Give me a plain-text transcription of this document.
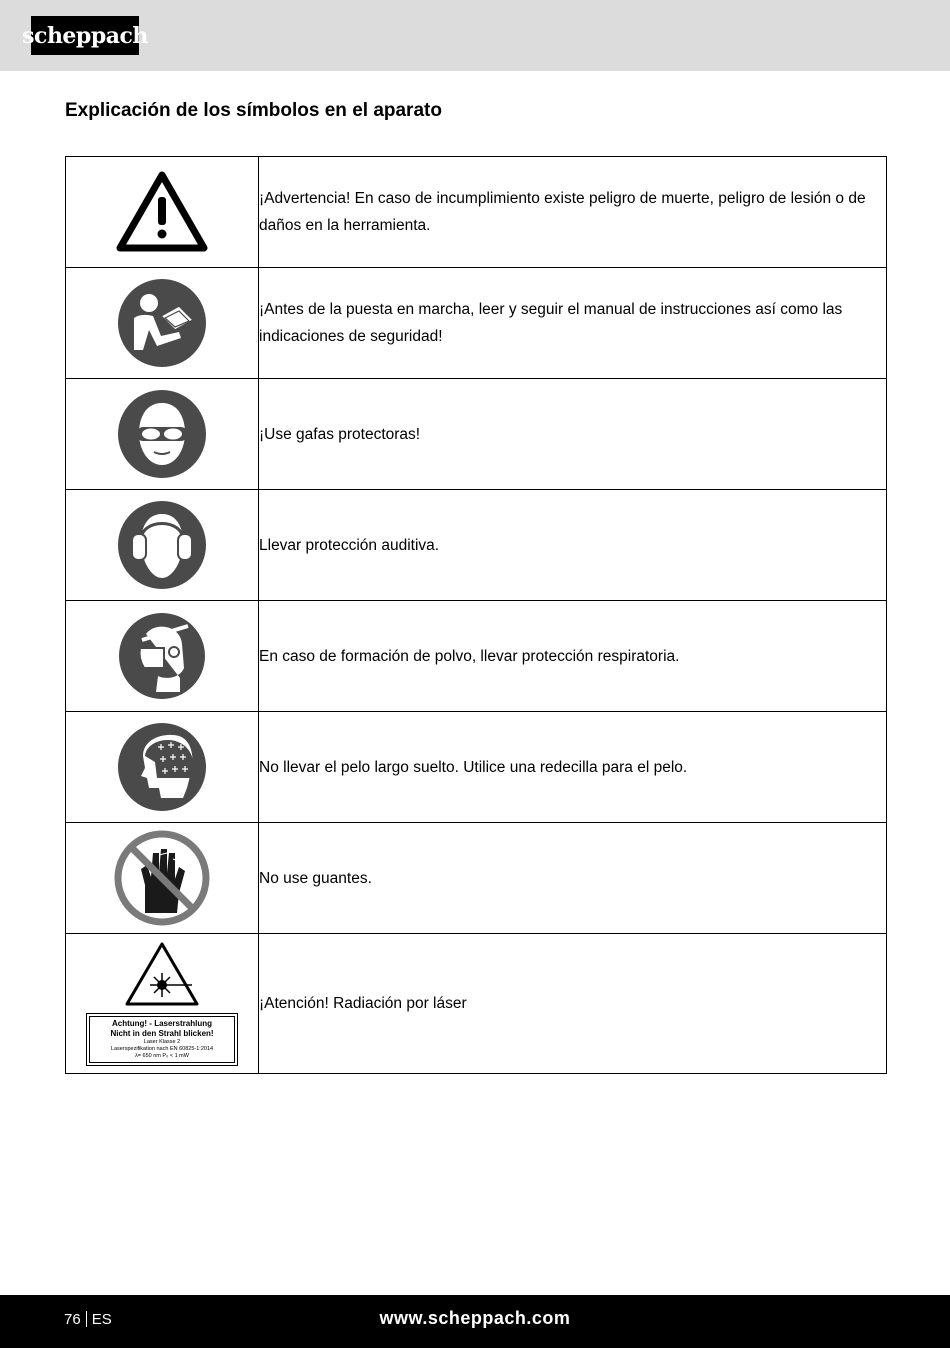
scheppach
Explicación de los símbolos en el aparato
	¡Advertencia! En caso de incumplimiento existe peligro de muerte, peligro de lesión o de daños en la herramienta.

	¡Antes de la puesta en marcha, leer y seguir el manual de instrucciones así como las indicaciones de seguridad!

	¡Use gafas protectoras!

	Llevar protección auditiva.

	En caso de formación de polvo, llevar protección respiratoria.

	No llevar el pelo largo suelto. Utilice una redecilla para el pelo.

	No use guantes.

Achtung! - Laserstrahlung
Nicht in den Strahl blicken!
Laser Klasse 2
Laserspezifikation nach EN 60825-1:2014
λ= 650 nm P₀ < 1 mW	¡Atención! Radiación por láser
76 ES	www.scheppach.com
